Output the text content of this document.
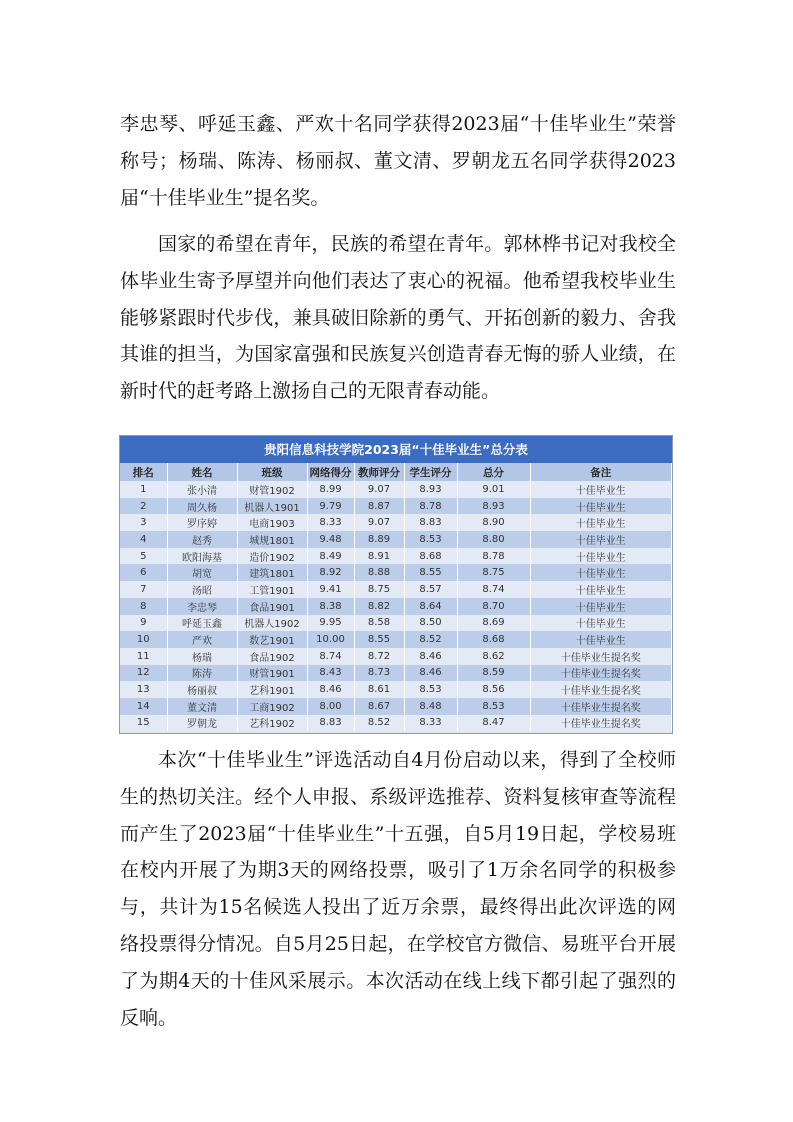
李忠琴、呼延玉鑫、严欢十名同学获得2023届“十佳毕业生”荣誉称号；杨瑞、陈涛、杨丽叔、董文清、罗朝龙五名同学获得2023届“十佳毕业生”提名奖。

国家的希望在青年，民族的希望在青年。郭林桦书记对我校全体毕业生寄予厚望并向他们表达了衷心的祝福。他希望我校毕业生能够紧跟时代步伐，兼具破旧除新的勇气、开拓创新的毅力、舍我其谁的担当，为国家富强和民族复兴创造青春无悔的骄人业绩，在新时代的赶考路上激扬自己的无限青春动能。

贵阳信息科技学院2023届“十佳毕业生”总分表
排名	姓名	班级	网络得分	教师评分	学生评分	总分	备注
1	张小清	财管1902	8.99	9.07	8.93	9.01	十佳毕业生
2	周久杨	机器人1901	9.79	8.87	8.78	8.93	十佳毕业生
3	罗序婷	电商1903	8.33	9.07	8.83	8.90	十佳毕业生
4	赵秀	城规1801	9.48	8.89	8.53	8.80	十佳毕业生
5	欧阳海基	造价1902	8.49	8.91	8.68	8.78	十佳毕业生
6	胡宽	建筑1801	8.92	8.88	8.55	8.75	十佳毕业生
7	汤昭	工管1901	9.41	8.75	8.57	8.74	十佳毕业生
8	李忠琴	食品1901	8.38	8.82	8.64	8.70	十佳毕业生
9	呼延玉鑫	机器人1902	9.95	8.58	8.50	8.69	十佳毕业生
10	严欢	数艺1901	10.00	8.55	8.52	8.68	十佳毕业生
11	杨瑞	食品1902	8.74	8.72	8.46	8.62	十佳毕业生提名奖
12	陈涛	财管1901	8.43	8.73	8.46	8.59	十佳毕业生提名奖
13	杨丽叔	艺科1901	8.46	8.61	8.53	8.56	十佳毕业生提名奖
14	董文清	工商1902	8.00	8.67	8.48	8.53	十佳毕业生提名奖
15	罗朝龙	艺科1902	8.83	8.52	8.33	8.47	十佳毕业生提名奖

本次“十佳毕业生”评选活动自4月份启动以来，得到了全校师生的热切关注。经个人申报、系级评选推荐、资料复核审查等流程而产生了2023届“十佳毕业生”十五强，自5月19日起，学校易班在校内开展了为期3天的网络投票，吸引了1万余名同学的积极参与，共计为15名候选人投出了近万余票，最终得出此次评选的网络投票得分情况。自5月25日起，在学校官方微信、易班平台开展了为期4天的十佳风采展示。本次活动在线上线下都引起了强烈的反响。
